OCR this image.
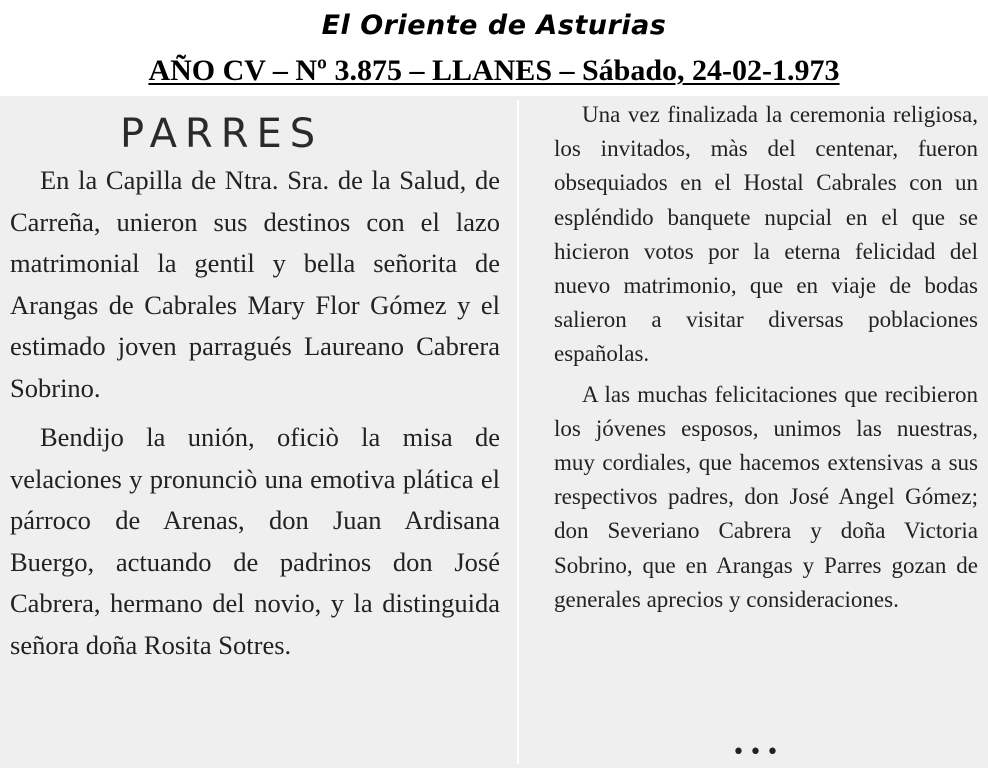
El Oriente de Asturias
AÑO CV – Nº 3.875 – LLANES – Sábado, 24-02-1.973
PARRES

En la Capilla de Ntra. Sra. de la Salud, de Carreña, unieron sus destinos con el lazo matrimonial la gentil y bella señorita de Arangas de Cabrales Mary Flor Gómez y el estimado joven parragués Laureano Cabrera Sobrino.

Bendijo la unión, oficiò la misa de velaciones y pronunciò una emotiva plática el párroco de Arenas, don Juan Ardisana Buergo, actuando de padrinos don José Cabrera, hermano del novio, y la distinguida señora doña Rosita Sotres.

Una vez finalizada la ceremonia religiosa, los invitados, màs del centenar, fueron obsequiados en el Hostal Cabrales con un espléndido banquete nupcial en el que se hicieron votos por la eterna felicidad del nuevo matrimonio, que en viaje de bodas salieron a visitar diversas poblaciones españolas.

A las muchas felicitaciones que recibieron los jóvenes esposos, unimos las nuestras, muy cordiales, que hacemos extensivas a sus respectivos padres, don José Angel Gómez; don Severiano Cabrera y doña Victoria Sobrino, que en Arangas y Parres gozan de generales aprecios y consideraciones.

•••
